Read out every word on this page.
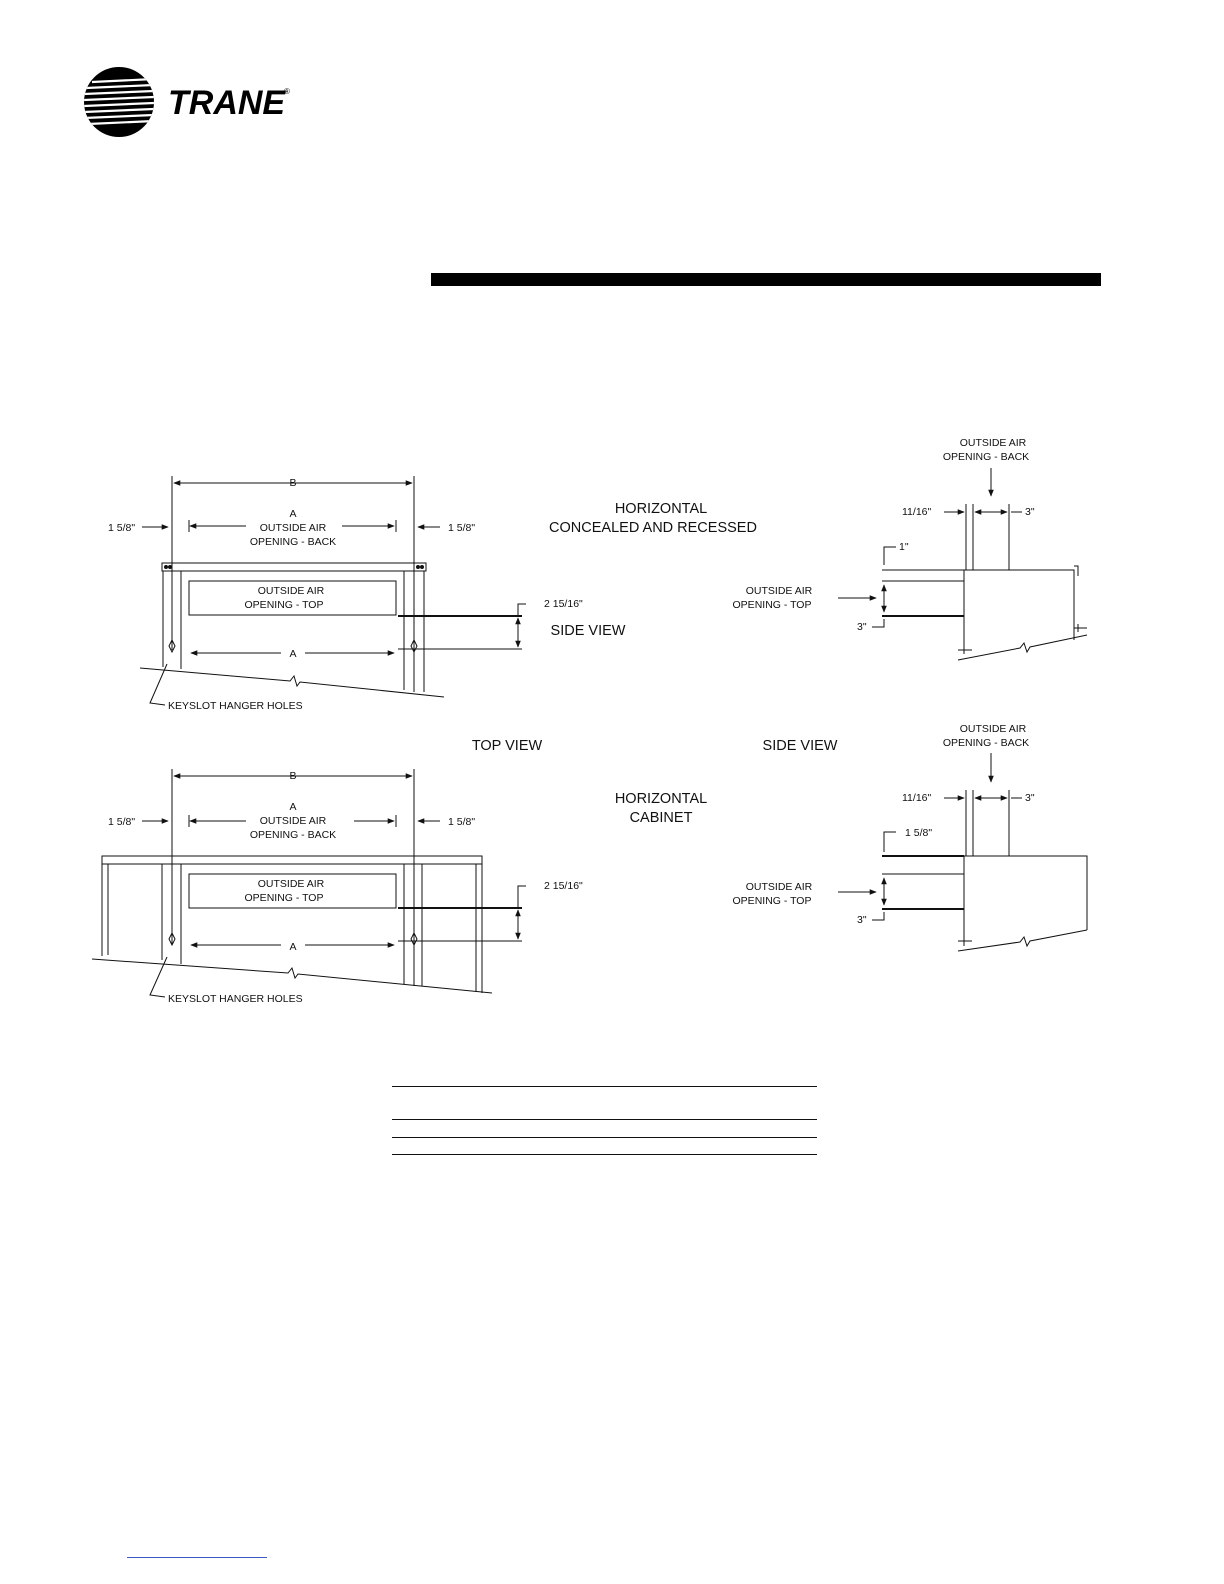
TRANE
®
B
A
OUTSIDE AIR
OPENING - BACK
1 5/8"	1 5/8"
OUTSIDE AIR
OPENING - TOP
A
KEYSLOT HANGER HOLES
2 15/16"
HORIZONTAL
CONCEALED AND RECESSED
SIDE VIEW
OUTSIDE AIR
OPENING - BACK
11/16"	3"
1"
OUTSIDE AIR
OPENING - TOP
3"
TOP VIEW	SIDE VIEW
B
A
OUTSIDE AIR
OPENING - BACK
1 5/8"	1 5/8"
OUTSIDE AIR
OPENING - TOP
A
KEYSLOT HANGER HOLES
2 15/16"
HORIZONTAL
CABINET
OUTSIDE AIR
OPENING - BACK
11/16"	3"
1 5/8"
OUTSIDE AIR
OPENING - TOP
3"
